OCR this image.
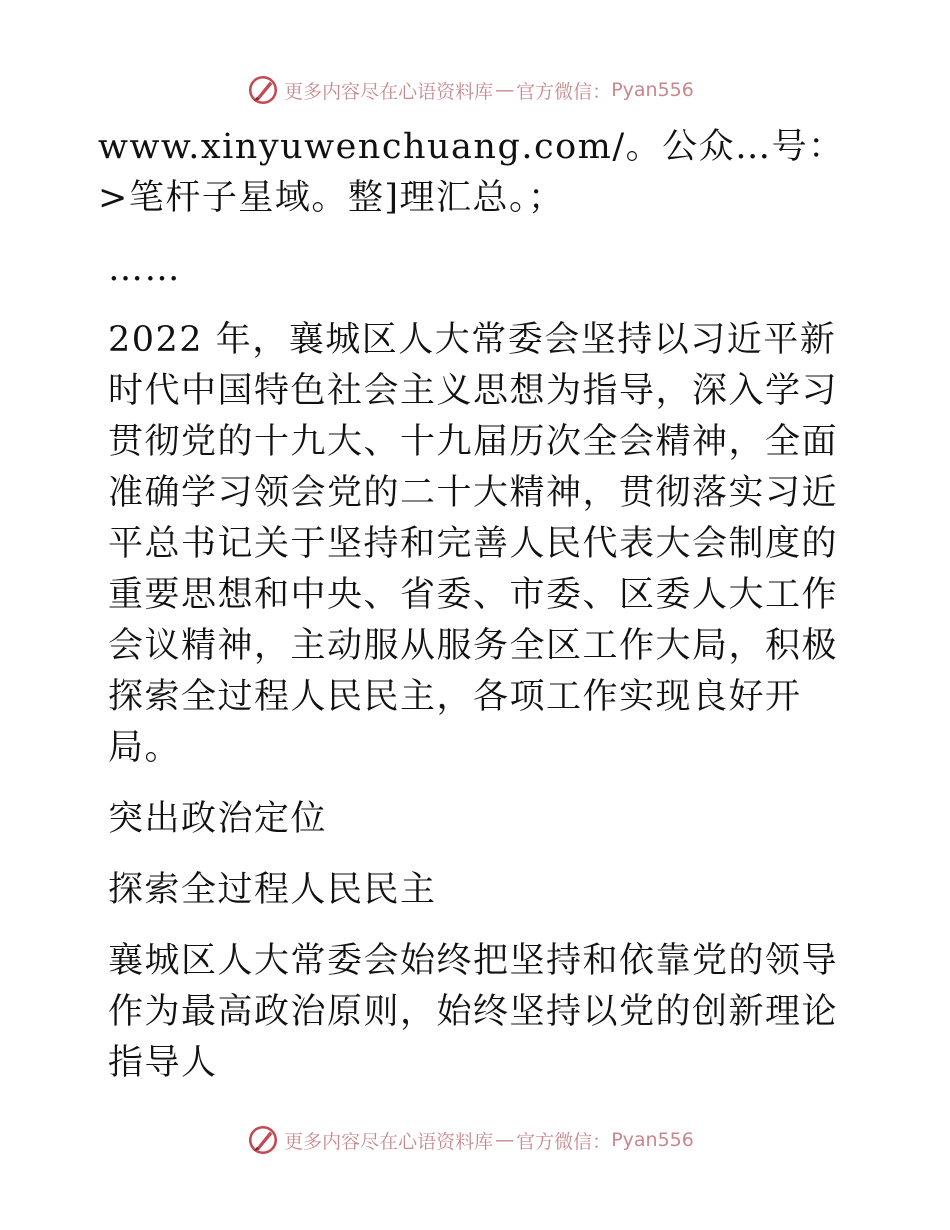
更多内容尽在心语资料库 — 官方微信： Pyan556

www.xinyuwenchuang.com/。公众…号：>笔杆子星域。整]理汇总。；

……

2022 年，襄城区人大常委会坚持以习近平新时代中国特色社会主义思想为指导，深入学习贯彻党的十九大、十九届历次全会精神，全面准确学习领会党的二十大精神，贯彻落实习近平总书记关于坚持和完善人民代表大会制度的重要思想和中央、省委、市委、区委人大工作会议精神，主动服从服务全区工作大局，积极探索全过程人民民主，各项工作实现良好开局。

突出政治定位

探索全过程人民民主

襄城区人大常委会始终把坚持和依靠党的领导作为最高政治原则，始终坚持以党的创新理论指导人

更多内容尽在心语资料库 — 官方微信： Pyan556
